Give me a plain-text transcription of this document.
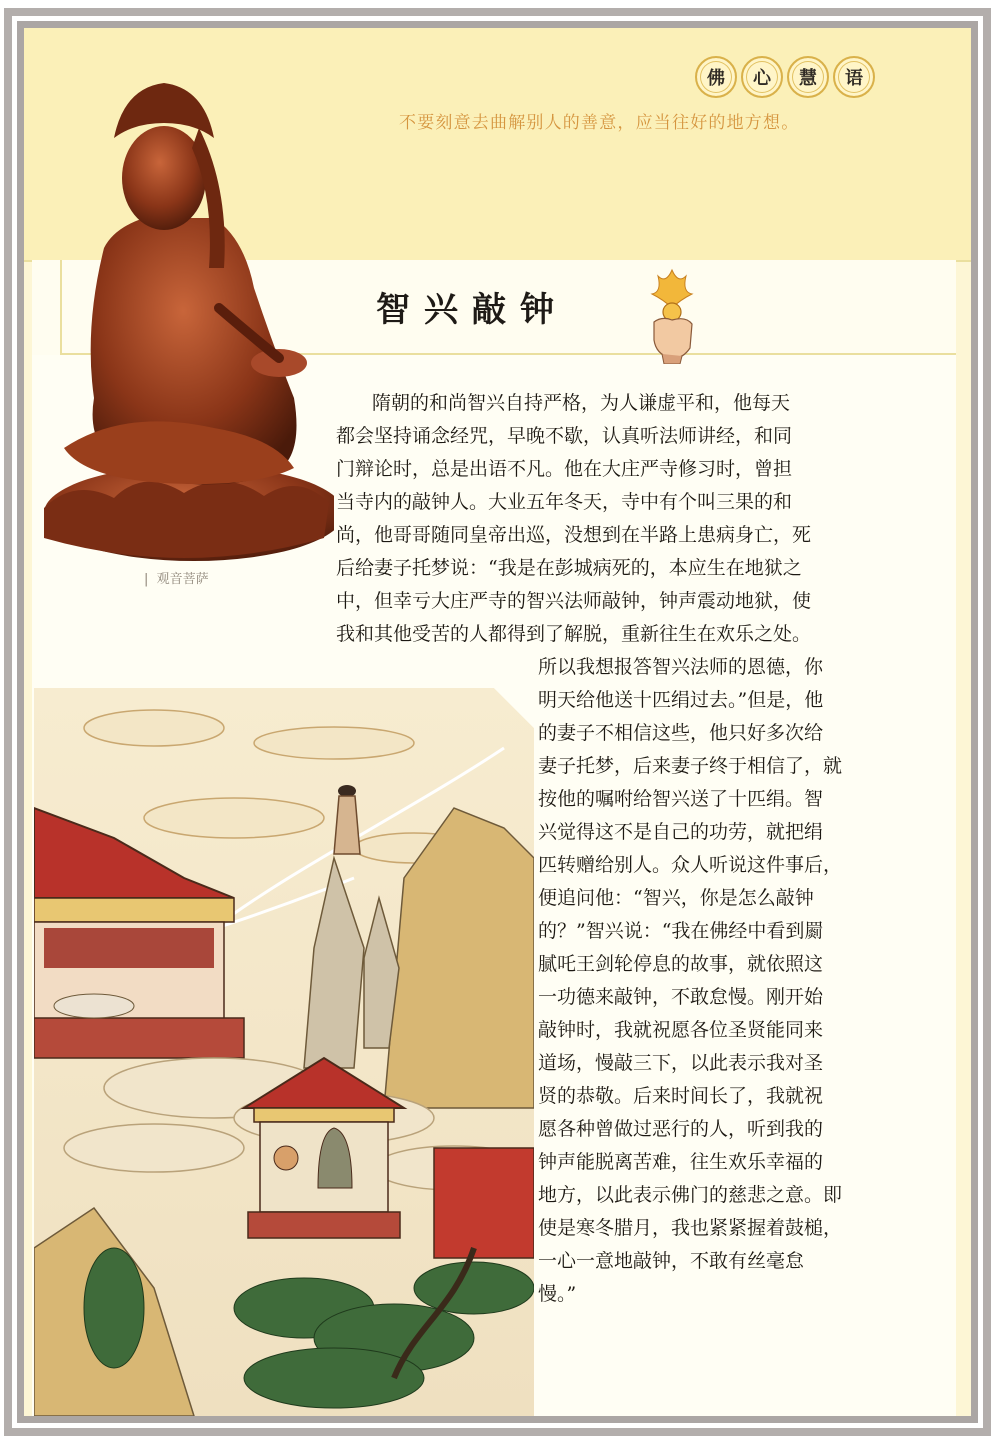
佛	心	慧	语
不要刻意去曲解别人的善意，应当往好的地方想。
|  观音菩萨
智兴敲钟
隋朝的和尚智兴自持严格，为人谦虚平和，他每天
都会坚持诵念经咒，早晚不歇，认真听法师讲经，和同
门辩论时，总是出语不凡。他在大庄严寺修习时，曾担
当寺内的敲钟人。大业五年冬天，寺中有个叫三果的和
尚，他哥哥随同皇帝出巡，没想到在半路上患病身亡，死
后给妻子托梦说：“我是在彭城病死的，本应生在地狱之
中，但幸亏大庄严寺的智兴法师敲钟，钟声震动地狱，使
我和其他受苦的人都得到了解脱，重新往生在欢乐之处。
所以我想报答智兴法师的恩德，你
明天给他送十匹绢过去。”但是，他
的妻子不相信这些，他只好多次给
妻子托梦，后来妻子终于相信了，就
按他的嘱咐给智兴送了十匹绢。智
兴觉得这不是自己的功劳，就把绢
匹转赠给别人。众人听说这件事后，
便追问他：“智兴，你是怎么敲钟
的？”智兴说：“我在佛经中看到罽
腻吒王剑轮停息的故事，就依照这
一功德来敲钟，不敢怠慢。刚开始
敲钟时，我就祝愿各位圣贤能同来
道场，慢敲三下，以此表示我对圣
贤的恭敬。后来时间长了，我就祝
愿各种曾做过恶行的人，听到我的
钟声能脱离苦难，往生欢乐幸福的
地方，以此表示佛门的慈悲之意。即
使是寒冬腊月，我也紧紧握着鼓槌，
一心一意地敲钟，不敢有丝毫怠
慢。”
